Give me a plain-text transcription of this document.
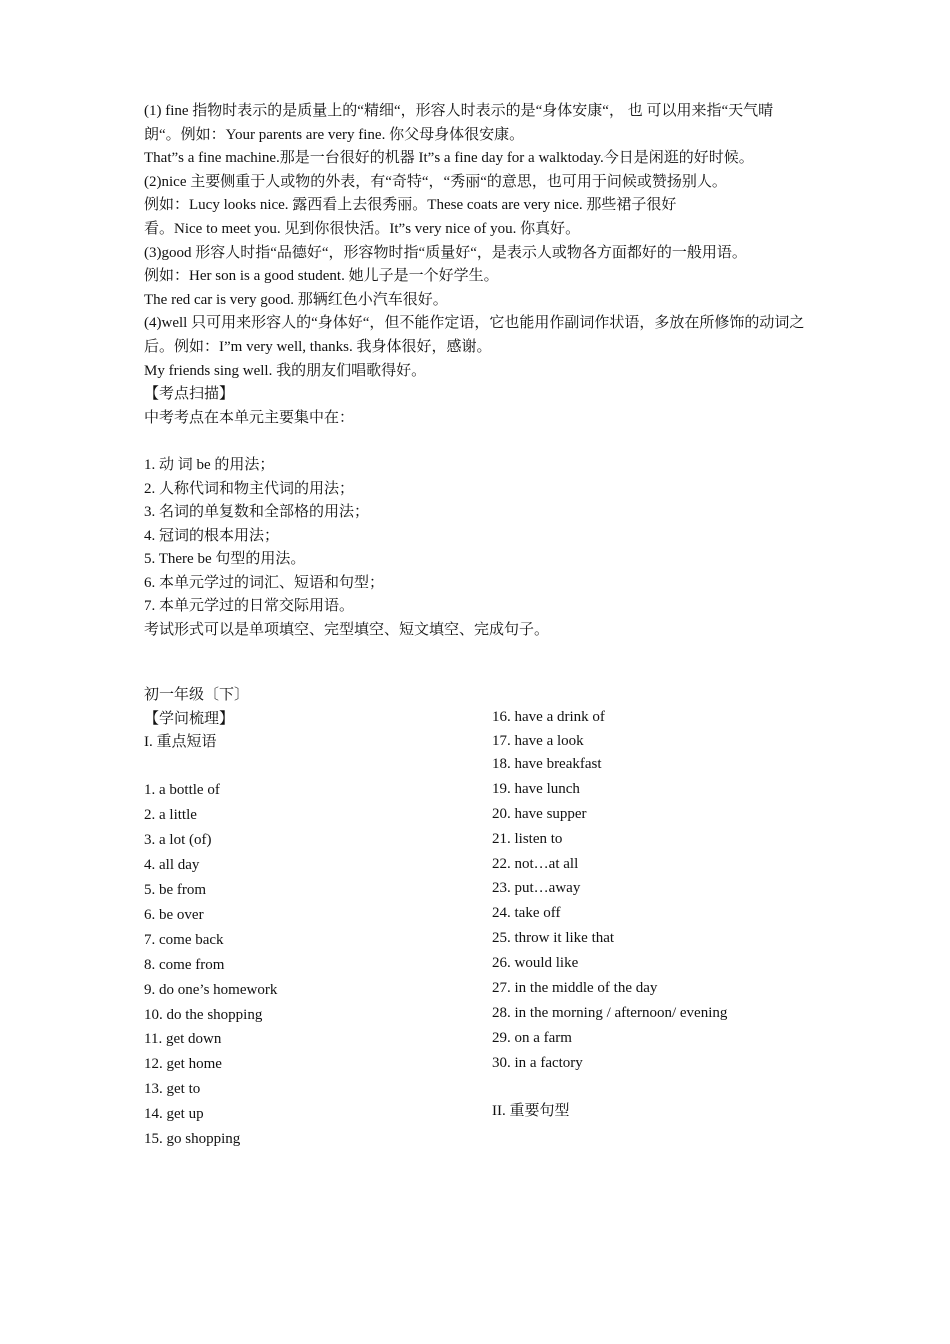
(1) fine 指物时表示的是质量上的“精细“，形容人时表示的是“身体安康“， 也 可以用来指“天气晴朗“。例如：Your parents are very fine. 你父母身体很安康。

That”s a fine machine.那是一台很好的机器 It”s a fine day for a walktoday.今日是闲逛的好时候。

(2)nice 主要侧重于人或物的外表，有“奇特“，“秀丽“的意思，也可用于问候或赞扬别人。

例如：Lucy looks nice. 露西看上去很秀丽。These coats are very nice. 那些裙子很好

看。Nice to meet you. 见到你很快活。It”s very nice of you. 你真好。

(3)good 形容人时指“品德好“，形容物时指“质量好“，是表示人或物各方面都好的一般用语。

例如：Her son is a good student. 她儿子是一个好学生。

The red car is very good. 那辆红色小汽车很好。

(4)well 只可用来形容人的“身体好“，但不能作定语，它也能用作副词作状语，多放在所修饰的动词之后。例如：I”m very well, thanks. 我身体很好，感谢。

My friends sing well. 我的朋友们唱歌得好。

【考点扫描】

中考考点在本单元主要集中在：

1. 动 词 be 的用法；

2. 人称代词和物主代词的用法；

3. 名词的单复数和全部格的用法；

4. 冠词的根本用法；

5. There be 句型的用法。

6. 本单元学过的词汇、短语和句型；

7. 本单元学过的日常交际用语。

考试形式可以是单项填空、完型填空、短文填空、完成句子。

初一年级〔下〕

【学问梳理】

I. 重点短语

1. a bottle of

2. a little

3. a lot (of)

4. all day

5. be from

6. be over

7. come back

8. come from

9. do one’s homework

10. do the shopping

11. get down

12. get home

13. get to

14. get up

15. go shopping

16. have a drink of

17. have a look

18. have breakfast

19. have lunch

20. have supper

21. listen to

22. not…at all

23. put…away

24. take off

25. throw it like that

26. would like

27. in the middle of the day

28. in the morning / afternoon/ evening

29. on a farm

30. in a factory

II. 重要句型
